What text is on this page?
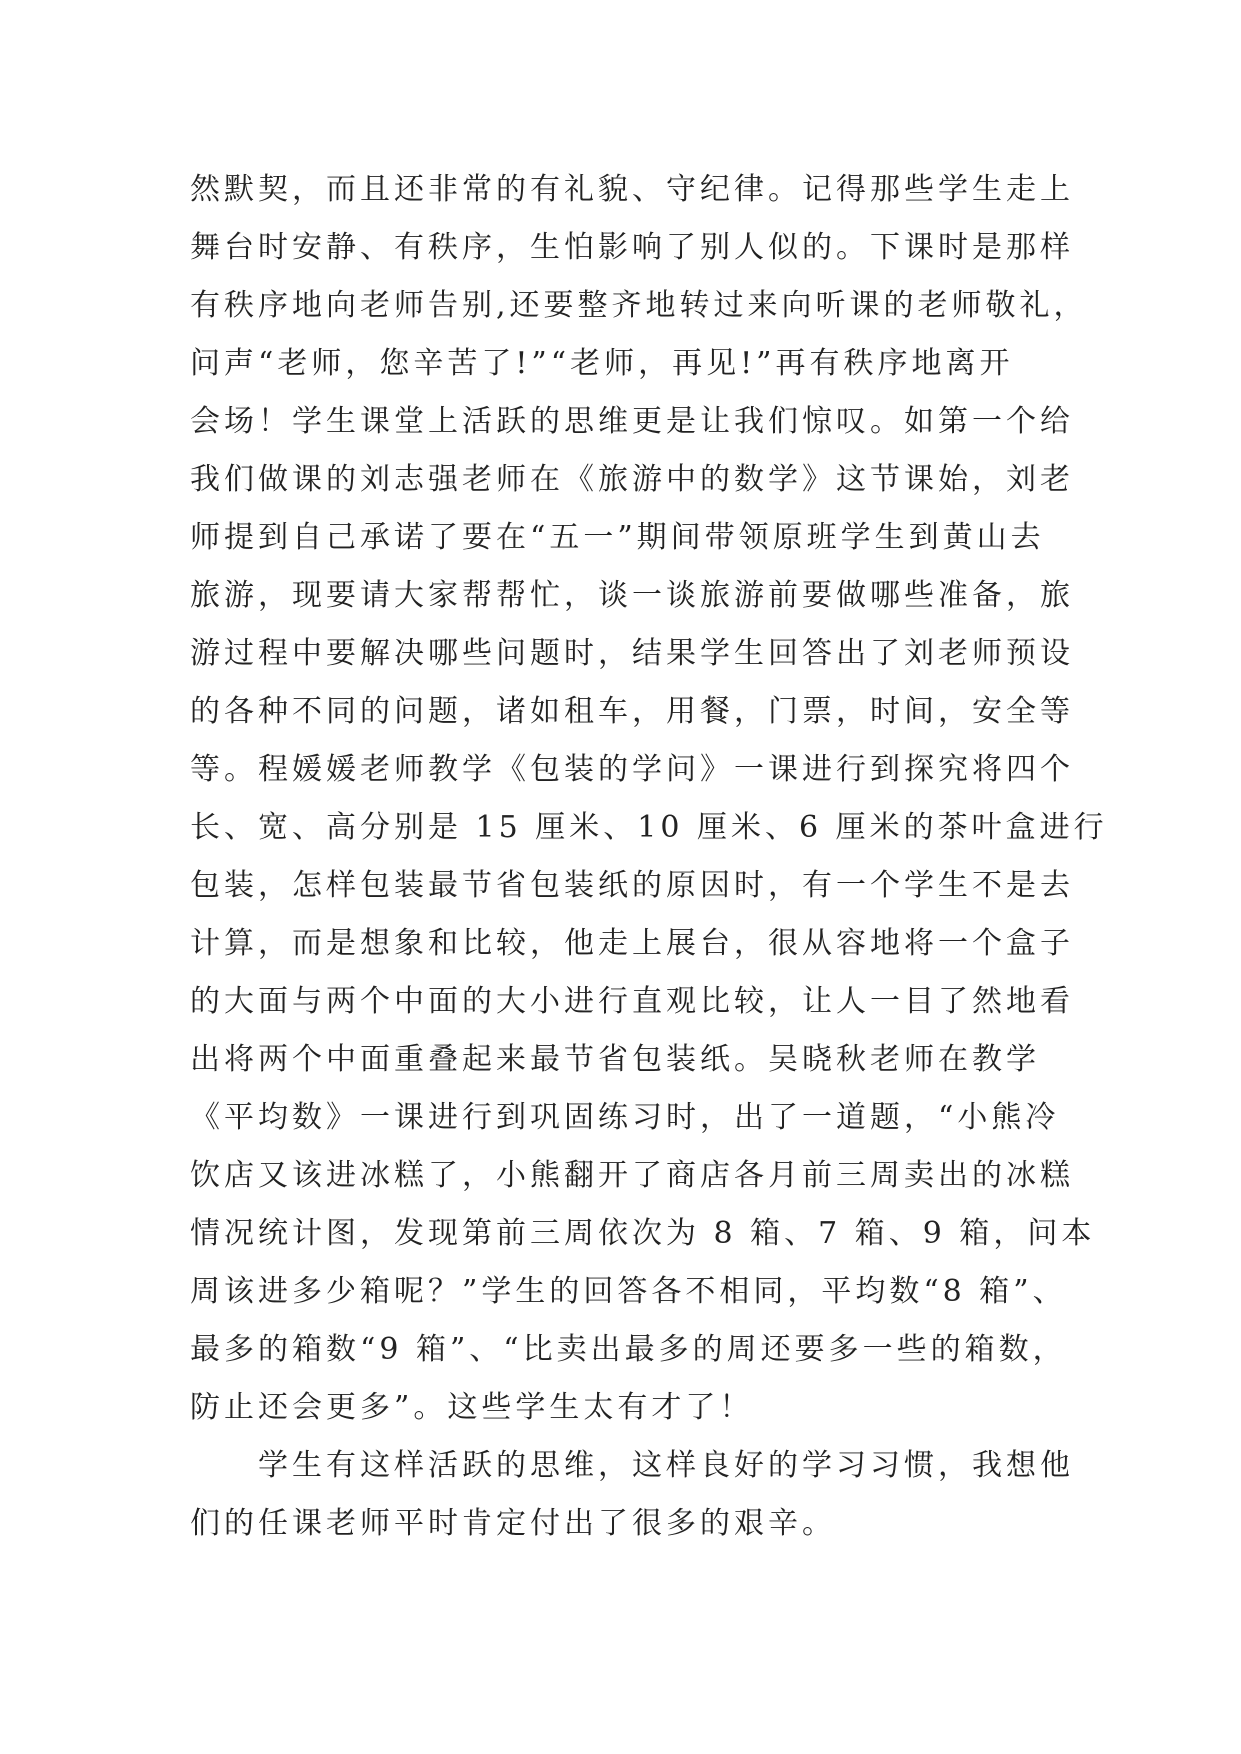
然默契，而且还非常的有礼貌、守纪律。记得那些学生走上
舞台时安静、有秩序，生怕影响了别人似的。下课时是那样
有秩序地向老师告别,还要整齐地转过来向听课的老师敬礼，
问声“老师，您辛苦了!”“老师，再见!”再有秩序地离开
会场！学生课堂上活跃的思维更是让我们惊叹。如第一个给
我们做课的刘志强老师在《旅游中的数学》这节课始，刘老
师提到自己承诺了要在“五一”期间带领原班学生到黄山去
旅游，现要请大家帮帮忙，谈一谈旅游前要做哪些准备，旅
游过程中要解决哪些问题时，结果学生回答出了刘老师预设
的各种不同的问题，诸如租车，用餐，门票，时间，安全等
等。程媛媛老师教学《包装的学问》一课进行到探究将四个
长、宽、高分别是 15 厘米、10 厘米、6 厘米的茶叶盒进行
包装，怎样包装最节省包装纸的原因时，有一个学生不是去
计算，而是想象和比较，他走上展台，很从容地将一个盒子
的大面与两个中面的大小进行直观比较，让人一目了然地看
出将两个中面重叠起来最节省包装纸。吴晓秋老师在教学
《平均数》一课进行到巩固练习时，出了一道题，“小熊冷
饮店又该进冰糕了，小熊翻开了商店各月前三周卖出的冰糕
情况统计图，发现第前三周依次为 8 箱、7 箱、9 箱，问本
周该进多少箱呢？”学生的回答各不相同，平均数“8 箱”、
最多的箱数“9 箱”、“比卖出最多的周还要多一些的箱数，
防止还会更多”。这些学生太有才了！
　　学生有这样活跃的思维，这样良好的学习习惯，我想他
们的任课老师平时肯定付出了很多的艰辛。
